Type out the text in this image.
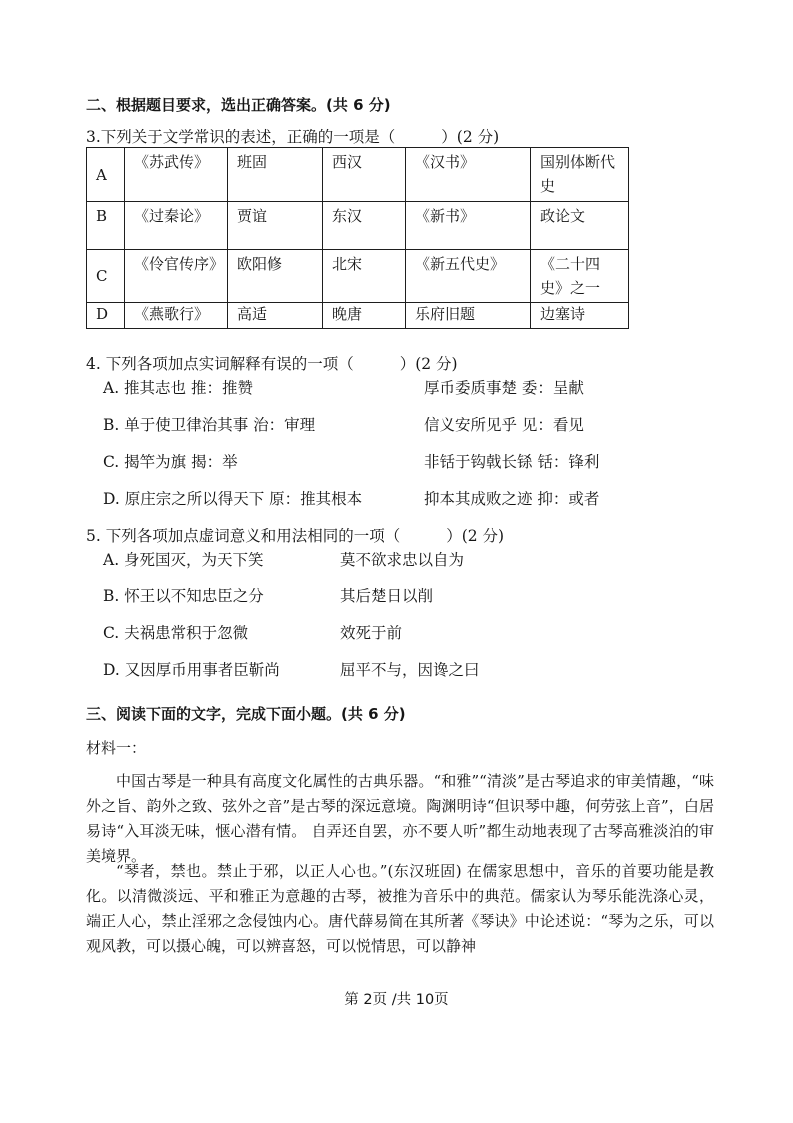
二、根据题目要求，选出正确答案。(共 6 分)
3.下列关于文学常识的表述，正确的一项是（	）(2 分)
A	《苏武传》	班固	西汉	《汉书》	国别体断代史
B	《过秦论》	贾谊	东汉	《新书》	政论文
C	《伶官传序》	欧阳修	北宋	《新五代史》	《二十四史》之一
D	《燕歌行》	高适	晚唐	乐府旧题	边塞诗
4. 下列各项加点实词解释有误的一项（	）(2 分)
A. 推其志也 推：推赞	厚币委质事楚 委：呈献
B. 单于使卫律治其事 治：审理	信义安所见乎 见：看见
C. 揭竿为旗 揭：举	非铦于钩戟长铩 铦：锋利
D. 原庄宗之所以得天下 原：推其根本	抑本其成败之迹 抑：或者
5. 下列各项加点虚词意义和用法相同的一项（	）(2 分)
A. 身死国灭，为天下笑	莫不欲求忠以自为
B. 怀王以不知忠臣之分	其后楚日以削
C. 夫祸患常积于忽微	效死于前
D. 又因厚币用事者臣靳尚	屈平不与，因谗之曰
三、阅读下面的文字，完成下面小题。(共 6 分)
材料一：
中国古琴是一种具有高度文化属性的古典乐器。“和雅”“清淡”是古琴追求的审美情趣，“味外之旨、韵外之致、弦外之音”是古琴的深远意境。陶渊明诗“但识琴中趣，何劳弦上音”，白居易诗“入耳淡无味，惬心潜有情。 自弄还自罢，亦不要人听”都生动地表现了古琴高雅淡泊的审美境界。
“琴者，禁也。禁止于邪，以正人心也。”(东汉班固) 在儒家思想中，音乐的首要功能是教化。以清微淡远、平和雅正为意趣的古琴，被推为音乐中的典范。儒家认为琴乐能洗涤心灵，端正人心，禁止淫邪之念侵蚀内心。唐代薛易简在其所著《琴诀》中论述说：“琴为之乐，可以观风教，可以摄心魄，可以辨喜怒，可以悦情思，可以静神
第 2页 /共 10页
